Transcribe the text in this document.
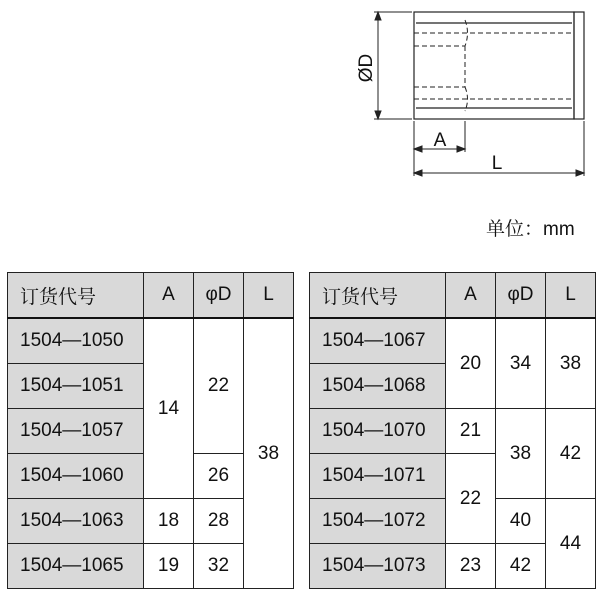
ØD
A
L
单位：mm
订货代号	A	φD	L
1504—1050	14	22	38
1504—1051			
1504—1057			
1504—1060		26	
1504—1063	18	28	
1504—1065	19	32	
订货代号	A	φD	L
1504—1067	20	34	38
1504—1068			
1504—1070	21	38	42
1504—1071	22		
1504—1072		40	44
1504—1073	23	42	
